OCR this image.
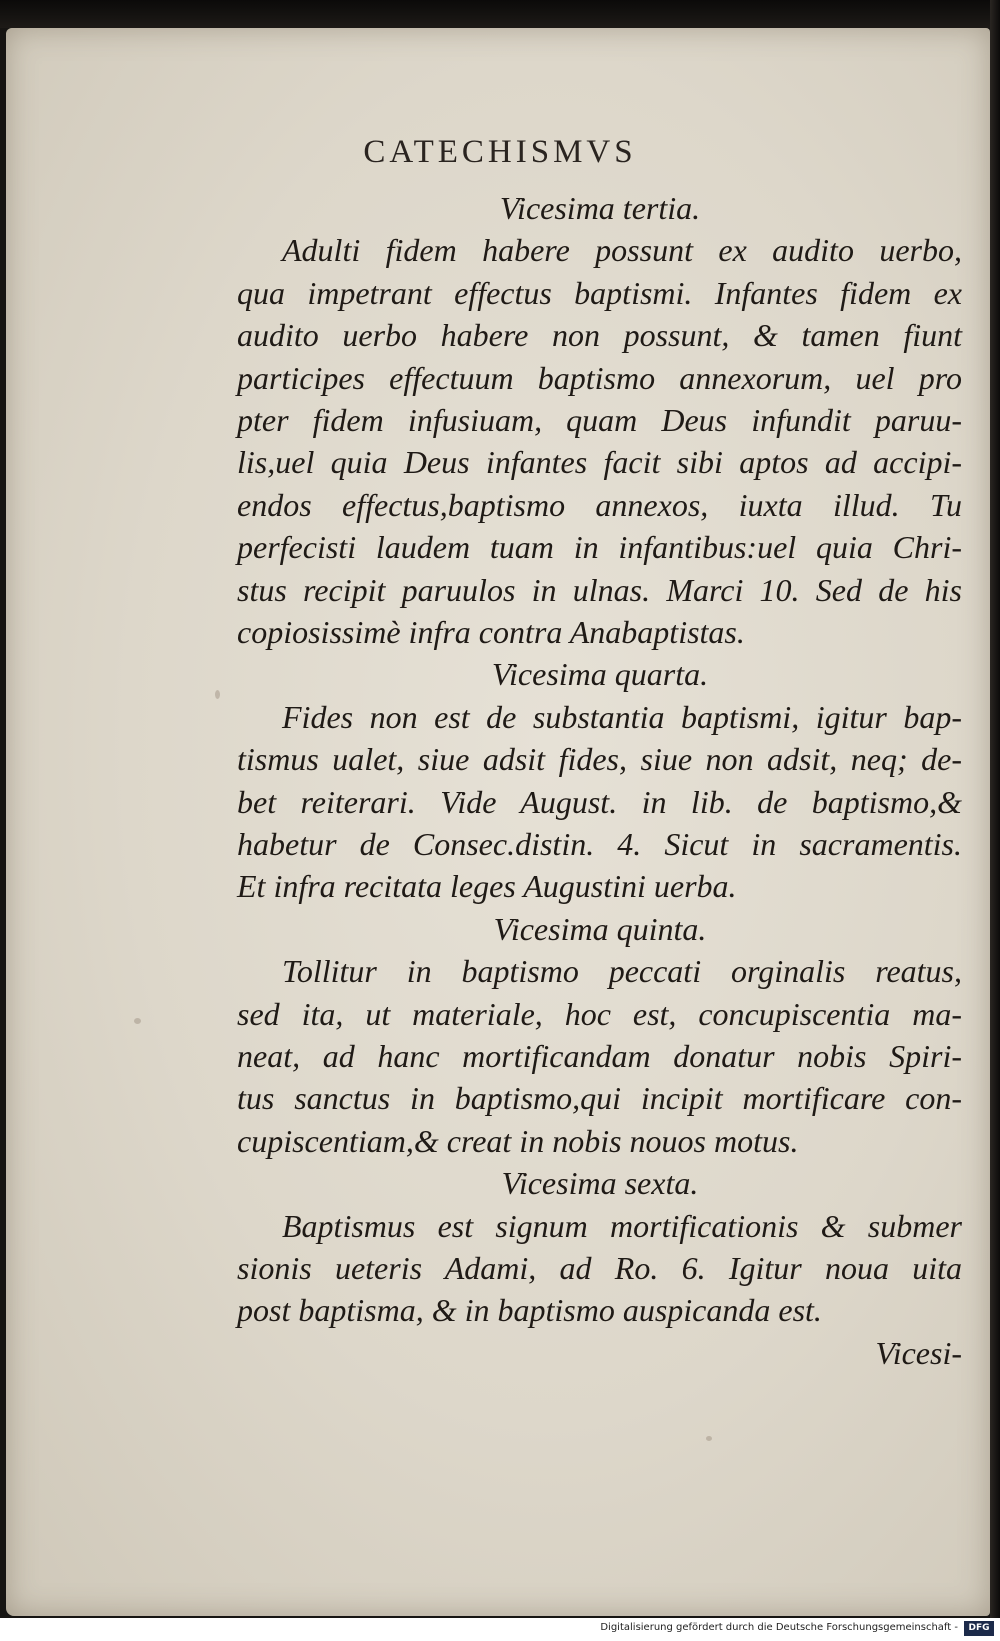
CATECHISMVS
Vicesima tertia.
Adulti fidem habere possunt ex audito uerbo,
qua impetrant effectus baptismi. Infantes fidem ex
audito uerbo habere non possunt, & tamen fiunt
participes effectuum baptismo annexorum, uel pro
pter fidem infusiuam, quam Deus infundit paruu-
lis,uel quia Deus infantes facit sibi aptos ad accipi-
endos effectus,baptismo annexos, iuxta illud. Tu
perfecisti laudem tuam in infantibus:uel quia Chri-
stus recipit paruulos in ulnas. Marci 10. Sed de his
copiosissimè infra contra Anabaptistas.
Vicesima quarta.
Fides non est de substantia baptismi, igitur bap-
tismus ualet, siue adsit fides, siue non adsit, neq; de-
bet reiterari. Vide August. in lib. de baptismo,&
habetur de Consec.distin. 4. Sicut in sacramentis.
Et infra recitata leges Augustini uerba.
Vicesima quinta.
Tollitur in baptismo peccati orginalis reatus,
sed ita, ut materiale, hoc est, concupiscentia ma-
neat, ad hanc mortificandam donatur nobis Spiri-
tus sanctus in baptismo,qui incipit mortificare con-
cupiscentiam,& creat in nobis nouos motus.
Vicesima sexta.
Baptismus est signum mortificationis & submer
sionis ueteris Adami, ad Ro. 6. Igitur noua uita
post baptisma, & in baptismo auspicanda est.
Vicesi-
Digitalisierung gefördert durch die Deutsche Forschungsgemeinschaft -	DFG
